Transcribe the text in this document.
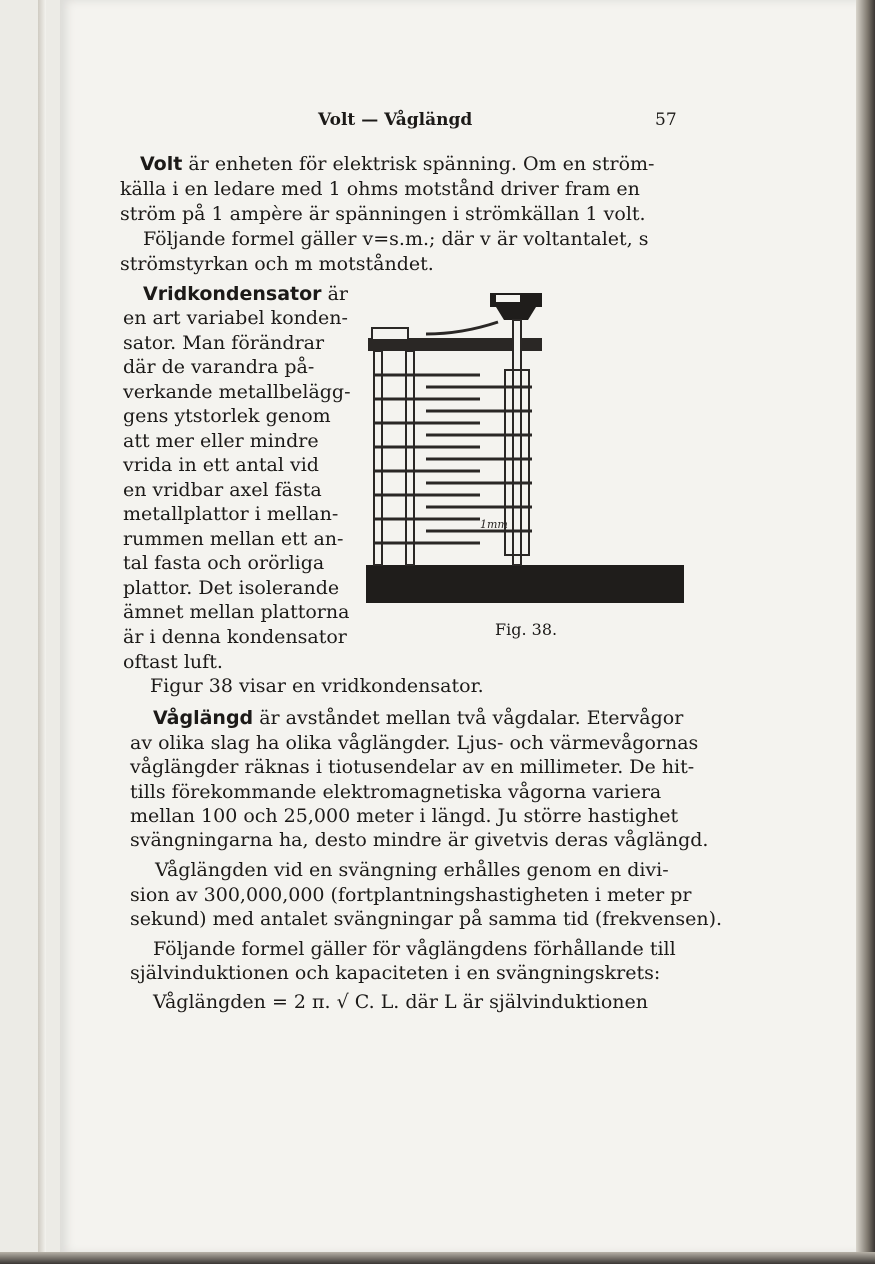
Volt — Våglängd	57
Volt är enheten för elektrisk spänning. Om en ström-
källa i en ledare med 1 ohms motstånd driver fram en
ström på 1 ampère är spänningen i strömkällan 1 volt.
Följande formel gäller v=s.m.; där v är voltantalet, s
strömstyrkan och m motståndet.
Vridkondensator är
en art variabel konden-
sator. Man förändrar
där de varandra på-
verkande metallbelägg-
gens ytstorlek genom
att mer eller mindre
vrida in ett antal vid
en vridbar axel fästa
metallplattor i mellan-
rummen mellan ett an-
tal fasta och orörliga
plattor. Det isolerande
ämnet mellan plattorna
är i denna kondensator
oftast luft.
Figur 38 visar en vridkondensator.
1mm
Fig. 38.
Våglängd är avståndet mellan två vågdalar. Etervågor
av olika slag ha olika våglängder. Ljus- och värmevågornas
våglängder räknas i tiotusendelar av en millimeter. De hit-
tills förekommande elektromagnetiska vågorna variera
mellan 100 och 25,000 meter i längd. Ju större hastighet
svängningarna ha, desto mindre är givetvis deras våglängd.
Våglängden vid en svängning erhålles genom en divi-
sion av 300,000,000 (fortplantningshastigheten i meter pr
sekund) med antalet svängningar på samma tid (frekvensen).
Följande formel gäller för våglängdens förhållande till
självinduktionen och kapaciteten i en svängningskrets:
Våglängden = 2 π. √ C. L. där L är självinduktionen
